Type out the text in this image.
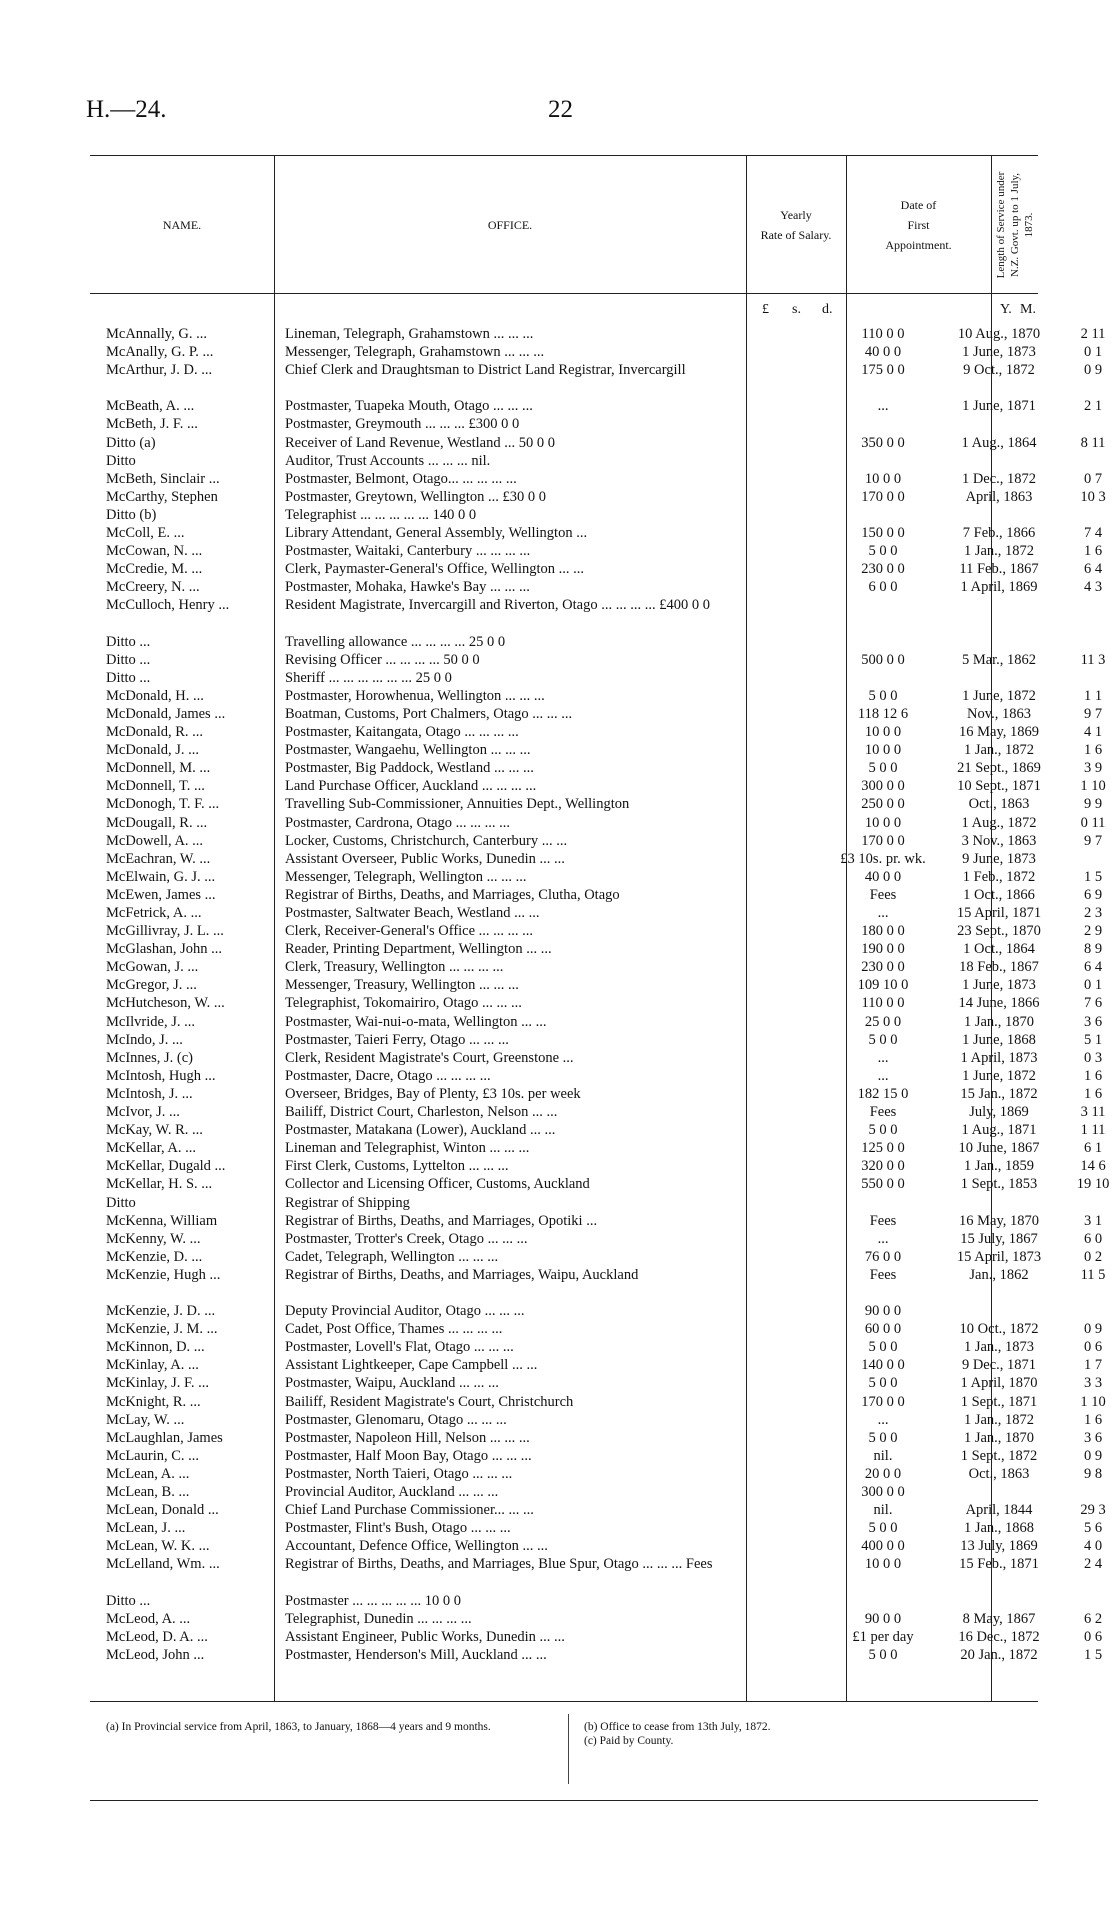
H.—24.	22
NAME.	OFFICE.
Yearly
Rate of Salary.
Date of
First
Appointment.	Length of Service under N.Z. Govt. up to 1 July, 1873.
£ s. d.	Y. M.
McAnnally, G. ...	Lineman, Telegraph, Grahamstown ... ... ...	110 0 0	10 Aug., 1870	2 11
McAnally, G. P. ...	Messenger, Telegraph, Grahamstown ... ... ...	40 0 0	1 June, 1873	0 1
McArthur, J. D. ...	Chief Clerk and Draughtsman to District Land Registrar, Invercargill	175 0 0	9 Oct., 1872	0 9
McBeath, A. ...	Postmaster, Tuapeka Mouth, Otago ... ... ...	...	1 June, 1871	2 1
McBeth, J. F. ...	Postmaster, Greymouth ... ... ... £300 0 0
Ditto (a)	Receiver of Land Revenue, Westland ... 50 0 0	350 0 0	1 Aug., 1864	8 11
Ditto	Auditor, Trust Accounts ... ... ... nil.
McBeth, Sinclair ...	Postmaster, Belmont, Otago... ... ... ... ...	10 0 0	1 Dec., 1872	0 7
McCarthy, Stephen	Postmaster, Greytown, Wellington ... £30 0 0	170 0 0	April, 1863	10 3
Ditto (b)	Telegraphist ... ... ... ... ... 140 0 0
McColl, E. ...	Library Attendant, General Assembly, Wellington ...	150 0 0	7 Feb., 1866	7 4
McCowan, N. ...	Postmaster, Waitaki, Canterbury ... ... ... ...	5 0 0	1 Jan., 1872	1 6
McCredie, M. ...	Clerk, Paymaster-General's Office, Wellington ... ...	230 0 0	11 Feb., 1867	6 4
McCreery, N. ...	Postmaster, Mohaka, Hawke's Bay ... ... ...	6 0 0	1 April, 1869	4 3
McCulloch, Henry ...	Resident Magistrate, Invercargill and Riverton, Otago ... ... ... ... £400 0 0
Ditto ...	Travelling allowance ... ... ... ... 25 0 0
Ditto ...	Revising Officer ... ... ... ... 50 0 0	500 0 0	5 Mar., 1862	11 3
Ditto ...	Sheriff ... ... ... ... ... ... 25 0 0
McDonald, H. ...	Postmaster, Horowhenua, Wellington ... ... ...	5 0 0	1 June, 1872	1 1
McDonald, James ...	Boatman, Customs, Port Chalmers, Otago ... ... ...	118 12 6	Nov., 1863	9 7
McDonald, R. ...	Postmaster, Kaitangata, Otago ... ... ... ...	10 0 0	16 May, 1869	4 1
McDonald, J. ...	Postmaster, Wangaehu, Wellington ... ... ...	10 0 0	1 Jan., 1872	1 6
McDonnell, M. ...	Postmaster, Big Paddock, Westland ... ... ...	5 0 0	21 Sept., 1869	3 9
McDonnell, T. ...	Land Purchase Officer, Auckland ... ... ... ...	300 0 0	10 Sept., 1871	1 10
McDonogh, T. F. ...	Travelling Sub-Commissioner, Annuities Dept., Wellington	250 0 0	Oct., 1863	9 9
McDougall, R. ...	Postmaster, Cardrona, Otago ... ... ... ...	10 0 0	1 Aug., 1872	0 11
McDowell, A. ...	Locker, Customs, Christchurch, Canterbury ... ...	170 0 0	3 Nov., 1863	9 7
McEachran, W. ...	Assistant Overseer, Public Works, Dunedin ... ...	£3 10s. pr. wk.	9 June, 1873
McElwain, G. J. ...	Messenger, Telegraph, Wellington ... ... ...	40 0 0	1 Feb., 1872	1 5
McEwen, James ...	Registrar of Births, Deaths, and Marriages, Cluthа, Otago	Fees	1 Oct., 1866	6 9
McFetrick, A. ...	Postmaster, Saltwater Beach, Westland ... ...	...	15 April, 1871	2 3
McGillivray, J. L. ...	Clerk, Receiver-General's Office ... ... ... ...	180 0 0	23 Sept., 1870	2 9
McGlashan, John ...	Reader, Printing Department, Wellington ... ...	190 0 0	1 Oct., 1864	8 9
McGowan, J. ...	Clerk, Treasury, Wellington ... ... ... ...	230 0 0	18 Feb., 1867	6 4
McGregor, J. ...	Messenger, Treasury, Wellington ... ... ...	109 10 0	1 June, 1873	0 1
McHutcheson, W. ...	Telegraphist, Tokomairiro, Otago ... ... ...	110 0 0	14 June, 1866	7 6
McIlvride, J. ...	Postmaster, Wai-nui-o-mata, Wellington ... ...	25 0 0	1 Jan., 1870	3 6
McIndo, J. ...	Postmaster, Taieri Ferry, Otago ... ... ...	5 0 0	1 June, 1868	5 1
McInnes, J. (c)	Clerk, Resident Magistrate's Court, Greenstone ...	...	1 April, 1873	0 3
McIntosh, Hugh ...	Postmaster, Dacre, Otago ... ... ... ...	...	1 June, 1872	1 6
McIntosh, J. ...	Overseer, Bridges, Bay of Plenty, £3 10s. per week	182 15 0	15 Jan., 1872	1 6
McIvor, J. ...	Bailiff, District Court, Charleston, Nelson ... ...	Fees	July, 1869	3 11
McKay, W. R. ...	Postmaster, Matakana (Lower), Auckland ... ...	5 0 0	1 Aug., 1871	1 11
McKellar, A. ...	Lineman and Telegraphist, Winton ... ... ...	125 0 0	10 June, 1867	6 1
McKellar, Dugald ...	First Clerk, Customs, Lyttelton ... ... ...	320 0 0	1 Jan., 1859	14 6
McKellar, H. S. ...	Collector and Licensing Officer, Customs, Auckland	550 0 0	1 Sept., 1853	19 10
Ditto	Registrar of Shipping
McKenna, William	Registrar of Births, Deaths, and Marriages, Opotiki ...	Fees	16 May, 1870	3 1
McKenny, W. ...	Postmaster, Trotter's Creek, Otago ... ... ...	...	15 July, 1867	6 0
McKenzie, D. ...	Cadet, Telegraph, Wellington ... ... ...	76 0 0	15 April, 1873	0 2
McKenzie, Hugh ...	Registrar of Births, Deaths, and Marriages, Waipu, Auckland	Fees	Jan., 1862	11 5
McKenzie, J. D. ...	Deputy Provincial Auditor, Otago ... ... ...	90 0 0
McKenzie, J. M. ...	Cadet, Post Office, Thames ... ... ... ...	60 0 0	10 Oct., 1872	0 9
McKinnon, D. ...	Postmaster, Lovell's Flat, Otago ... ... ...	5 0 0	1 Jan., 1873	0 6
McKinlay, A. ...	Assistant Lightkeeper, Cape Campbell ... ...	140 0 0	9 Dec., 1871	1 7
McKinlay, J. F. ...	Postmaster, Waipu, Auckland ... ... ...	5 0 0	1 April, 1870	3 3
McKnight, R. ...	Bailiff, Resident Magistrate's Court, Christchurch	170 0 0	1 Sept., 1871	1 10
McLay, W. ...	Postmaster, Glenomaru, Otago ... ... ...	...	1 Jan., 1872	1 6
McLaughlan, James	Postmaster, Napoleon Hill, Nelson ... ... ...	5 0 0	1 Jan., 1870	3 6
McLaurin, C. ...	Postmaster, Half Moon Bay, Otago ... ... ...	nil.	1 Sept., 1872	0 9
McLean, A. ...	Postmaster, North Taieri, Otago ... ... ...	20 0 0	Oct., 1863	9 8
McLean, B. ...	Provincial Auditor, Auckland ... ... ...	300 0 0
McLean, Donald ...	Chief Land Purchase Commissioner... ... ...	nil.	April, 1844	29 3
McLean, J. ...	Postmaster, Flint's Bush, Otago ... ... ...	5 0 0	1 Jan., 1868	5 6
McLean, W. K. ...	Accountant, Defence Office, Wellington ... ...	400 0 0	13 July, 1869	4 0
McLelland, Wm. ...	Registrar of Births, Deaths, and Marriages, Blue Spur, Otago ... ... ... Fees	10 0 0	15 Feb., 1871	2 4
Ditto ...	Postmaster ... ... ... ... ... 10 0 0
McLeod, A. ...	Telegraphist, Dunedin ... ... ... ...	90 0 0	8 May, 1867	6 2
McLeod, D. A. ...	Assistant Engineer, Public Works, Dunedin ... ...	£1 per day	16 Dec., 1872	0 6
McLeod, John ...	Postmaster, Henderson's Mill, Auckland ... ...	5 0 0	20 Jan., 1872	1 5
(a) In Provincial service from April, 1863, to January, 1868—4 years and 9 months.	(b) Office to cease from 13th July, 1872.
(c) Paid by County.
